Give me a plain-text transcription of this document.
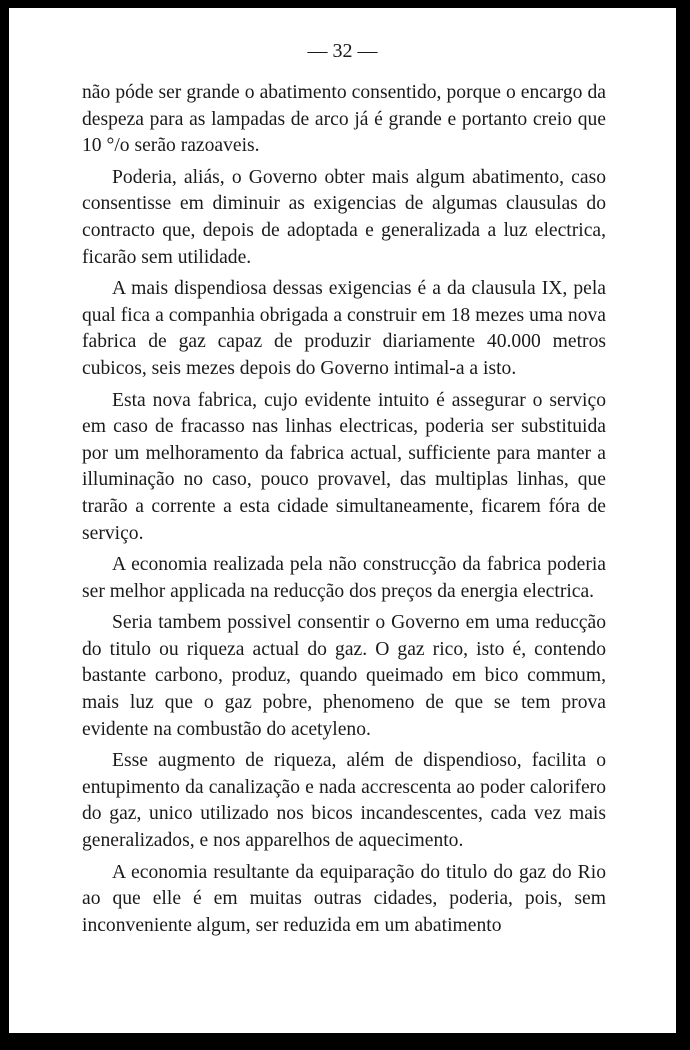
— 32 —

não póde ser grande o abatimento consentido, porque o encargo da despeza para as lampadas de arco já é grande e portanto creio que 10 °/o serão razoaveis.

Poderia, aliás, o Governo obter mais algum abatimento, caso consentisse em diminuir as exigencias de algumas clausulas do contracto que, depois de adoptada e generalizada a luz electrica, ficarão sem utilidade.

A mais dispendiosa dessas exigencias é a da clausula IX, pela qual fica a companhia obrigada a construir em 18 mezes uma nova fabrica de gaz capaz de produzir diariamente 40.000 metros cubicos, seis mezes depois do Governo intimal-a a isto.

Esta nova fabrica, cujo evidente intuito é assegurar o serviço em caso de fracasso nas linhas electricas, poderia ser substituida por um melhoramento da fabrica actual, sufficiente para manter a illuminação no caso, pouco provavel, das multiplas linhas, que trarão a corrente a esta cidade simultaneamente, ficarem fóra de serviço.

A economia realizada pela não construcção da fabrica poderia ser melhor applicada na reducção dos preços da energia electrica.

Seria tambem possivel consentir o Governo em uma reducção do titulo ou riqueza actual do gaz. O gaz rico, isto é, contendo bastante carbono, produz, quando queimado em bico commum, mais luz que o gaz pobre, phenomeno de que se tem prova evidente na combustão do acetyleno.

Esse augmento de riqueza, além de dispendioso, facilita o entupimento da canalização e nada accrescenta ao poder calorifero do gaz, unico utilizado nos bicos incandescentes, cada vez mais generalizados, e nos apparelhos de aquecimento.

A economia resultante da equiparação do titulo do gaz do Rio ao que elle é em muitas outras cidades, poderia, pois, sem inconveniente algum, ser reduzida em um abatimento
